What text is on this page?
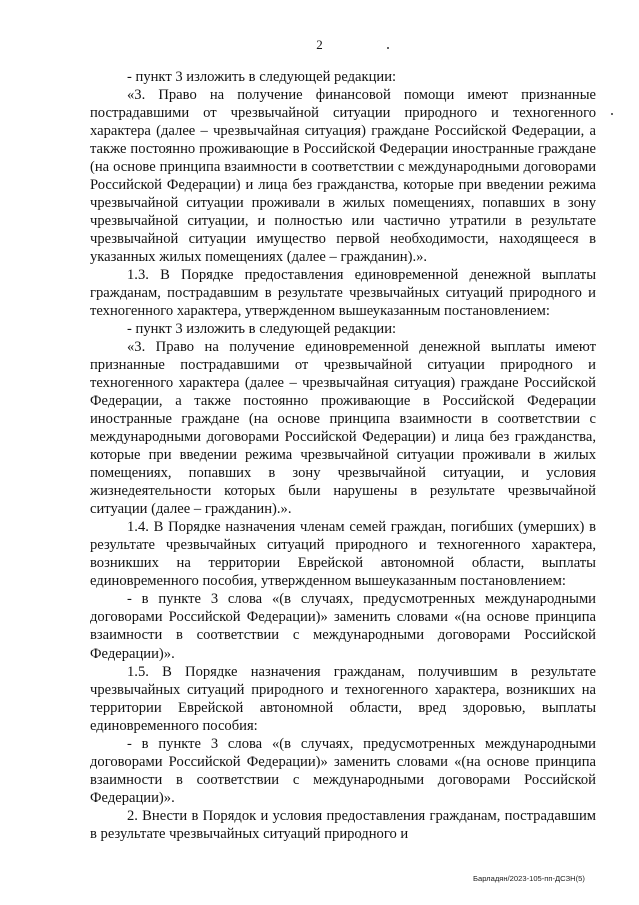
2

- пункт 3 изложить в следующей редакции:

«3. Право на получение финансовой помощи имеют признанные пострадавшими от чрезвычайной ситуации природного и техногенного характера (далее – чрезвычайная ситуация) граждане Российской Федерации, а также постоянно проживающие в Российской Федерации иностранные граждане (на основе принципа взаимности в соответствии с международными договорами Российской Федерации) и лица без гражданства, которые при введении режима чрезвычайной ситуации проживали в жилых помещениях, попавших в зону чрезвычайной ситуации, и полностью или частично утратили в результате чрезвычайной ситуации имущество первой необходимости, находящееся в указанных жилых помещениях (далее – гражданин).».

1.3. В Порядке предоставления единовременной денежной выплаты гражданам, пострадавшим в результате чрезвычайных ситуаций природного и техногенного характера, утвержденном вышеуказанным постановлением:

- пункт 3 изложить в следующей редакции:

«3. Право на получение единовременной денежной выплаты имеют признанные пострадавшими от чрезвычайной ситуации природного и техногенного характера (далее – чрезвычайная ситуация) граждане Российской Федерации, а также постоянно проживающие в Российской Федерации иностранные граждане (на основе принципа взаимности в соответствии с международными договорами Российской Федерации) и лица без гражданства, которые при введении режима чрезвычайной ситуации проживали в жилых помещениях, попавших в зону чрезвычайной ситуации, и условия жизнедеятельности которых были нарушены в результате чрезвычайной ситуации (далее – гражданин).».

1.4. В Порядке назначения членам семей граждан, погибших (умерших) в результате чрезвычайных ситуаций природного и техногенного характера, возникших на территории Еврейской автономной области, выплаты единовременного пособия, утвержденном вышеуказанным постановлением:

- в пункте 3 слова «(в случаях, предусмотренных международными договорами Российской Федерации)» заменить словами «(на основе принципа взаимности в соответствии с международными договорами Российской Федерации)».

1.5. В Порядке назначения гражданам, получившим в результате чрезвычайных ситуаций природного и техногенного характера, возникших на территории Еврейской автономной области, вред здоровью, выплаты единовременного пособия:

- в пункте 3 слова «(в случаях, предусмотренных международными договорами Российской Федерации)» заменить словами «(на основе принципа взаимности в соответствии с международными договорами Российской Федерации)».

2. Внести в Порядок и условия предоставления гражданам, пострадавшим в результате чрезвычайных ситуаций природного и

Барладян/2023-105-пп-ДСЗН(5)
